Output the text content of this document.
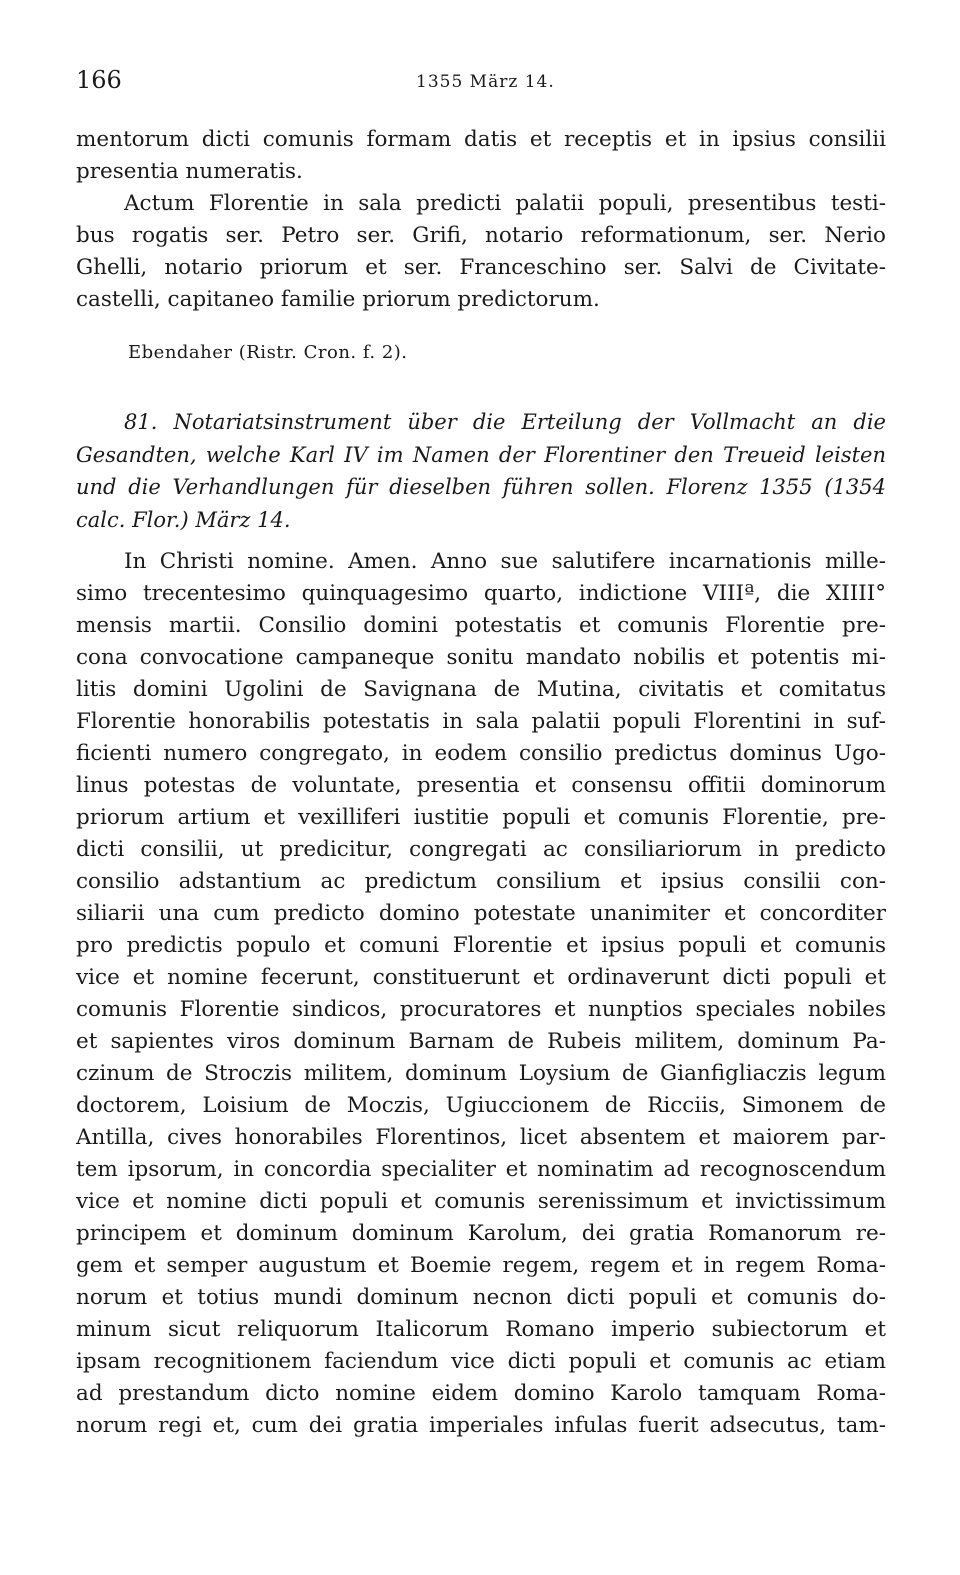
166	1355 März 14.
mentorum dicti comunis formam datis et receptis et in ipsius consilii
presentia numeratis.
Actum Florentie in sala predicti palatii populi, presentibus testi-
bus rogatis ser. Petro ser. Grifi, notario reformationum, ser. Nerio
Ghelli, notario priorum et ser. Franceschino ser. Salvi de Civitate-
castelli, capitaneo familie priorum predictorum.
Ebendaher (Ristr. Cron. f. 2).
81. Notariatsinstrument über die Erteilung der Vollmacht an die
Gesandten, welche Karl IV im Namen der Florentiner den Treueid leisten
und die Verhandlungen für dieselben führen sollen. Florenz 1355 (1354
calc. Flor.) März 14.
In Christi nomine. Amen. Anno sue salutifere incarnationis mille-
simo trecentesimo quinquagesimo quarto, indictione VIIIª, die XIIII°
mensis martii. Consilio domini potestatis et comunis Florentie pre-
cona convocatione campaneque sonitu mandato nobilis et potentis mi-
litis domini Ugolini de Savignana de Mutina, civitatis et comitatus
Florentie honorabilis potestatis in sala palatii populi Florentini in suf-
ficienti numero congregato, in eodem consilio predictus dominus Ugo-
linus potestas de voluntate, presentia et consensu offitii dominorum
priorum artium et vexilliferi iustitie populi et comunis Florentie, pre-
dicti consilii, ut predicitur, congregati ac consiliariorum in predicto
consilio adstantium ac predictum consilium et ipsius consilii con-
siliarii una cum predicto domino potestate unanimiter et concorditer
pro predictis populo et comuni Florentie et ipsius populi et comunis
vice et nomine fecerunt, constituerunt et ordinaverunt dicti populi et
comunis Florentie sindicos, procuratores et nunptios speciales nobiles
et sapientes viros dominum Barnam de Rubeis militem, dominum Pa-
czinum de Stroczis militem, dominum Loysium de Gianfigliaczis legum
doctorem, Loisium de Moczis, Ugiuccionem de Ricciis, Simonem de
Antilla, cives honorabiles Florentinos, licet absentem et maiorem par-
tem ipsorum, in concordia specialiter et nominatim ad recognoscendum
vice et nomine dicti populi et comunis serenissimum et invictissimum
principem et dominum dominum Karolum, dei gratia Romanorum re-
gem et semper augustum et Boemie regem, regem et in regem Roma-
norum et totius mundi dominum necnon dicti populi et comunis do-
minum sicut reliquorum Italicorum Romano imperio subiectorum et
ipsam recognitionem faciendum vice dicti populi et comunis ac etiam
ad prestandum dicto nomine eidem domino Karolo tamquam Roma-
norum regi et, cum dei gratia imperiales infulas fuerit adsecutus, tam-
